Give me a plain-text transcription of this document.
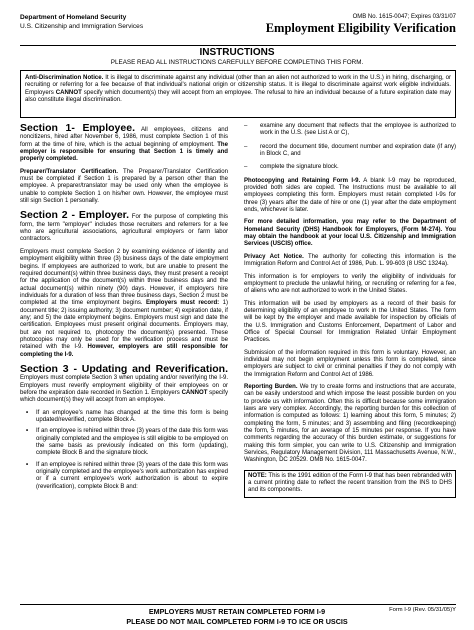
Department of Homeland Security
U.S. Citizenship and Immigration Services
OMB No. 1615-0047; Expires 03/31/07
Employment Eligibility Verification
INSTRUCTIONS
PLEASE READ ALL INSTRUCTIONS CAREFULLY BEFORE COMPLETING THIS FORM.
Anti-Discrimination Notice. It is illegal to discriminate against any individual (other than an alien not authorized to work in the U.S.) in hiring, discharging, or recruiting or referring for a fee because of that individual's national origin or citizenship status. It is illegal to discriminate against work eligible individuals. Employers CANNOT specify which document(s) they will accept from an employee. The refusal to hire an individual because of a future expiration date may also constitute illegal discrimination.

Section 1- Employee. All employees, citizens and noncitizens, hired after November 6, 1986, must complete Section 1 of this form at the time of hire, which is the actual beginning of employment. The employer is responsible for ensuring that Section 1 is timely and properly completed.

Preparer/Translator Certification. The Preparer/Translator Certification must be completed if Section 1 is prepared by a person other than the employee. A preparer/translator may be used only when the employee is unable to complete Section 1 on his/her own. However, the employee must still sign Section 1 personally.

Section 2 - Employer. For the purpose of completing this form, the term "employer" includes those recruiters and referrers for a fee who are agricultural associations, agricultural employers or farm labor contractors.

Employers must complete Section 2 by examining evidence of identity and employment eligibility within three (3) business days of the date employment begins. If employees are authorized to work, but are unable to present the required document(s) within three business days, they must present a receipt for the application of the document(s) within three business days and the actual document(s) within ninety (90) days. However, if employers hire individuals for a duration of less than three business days, Section 2 must be completed at the time employment begins. Employers must record: 1) document title; 2) issuing authority; 3) document number; 4) expiration date, if any; and 5) the date employment begins. Employers must sign and date the certification. Employees must present original documents. Employers may, but are not required to, photocopy the document(s) presented. These photocopies may only be used for the verification process and must be retained with the I-9. However, employers are still responsible for completing the I-9.

Section 3 - Updating and Reverification. Employers must complete Section 3 when updating and/or reverifying the I-9. Employers must reverify employment eligibility of their employees on or before the expiration date recorded in Section 1. Employers CANNOT specify which document(s) they will accept from an employee.

• If an employee's name has changed at the time this form is being updated/reverified, complete Block A.
• If an employee is rehired within three (3) years of the date this form was originally completed and the employee is still eligible to be employed on the same basis as previously indicated on this form (updating), complete Block B and the signature block.
• If an employee is rehired within three (3) years of the date this form was originally completed and the employee's work authorization has expired or if a current employee's work authorization is about to expire (reverification), complete Block B and:
– examine any document that reflects that the employee is authorized to work in the U.S. (see List A or C),
– record the document title, document number and expiration date (if any) in Block C, and
– complete the signature block.

Photocopying and Retaining Form I-9. A blank I-9 may be reproduced, provided both sides are copied. The Instructions must be available to all employees completing this form. Employers must retain completed I-9s for three (3) years after the date of hire or one (1) year after the date employment ends, whichever is later.

For more detailed information, you may refer to the Department of Homeland Security (DHS) Handbook for Employers, (Form M-274). You may obtain the handbook at your local U.S. Citizenship and Immigration Services (USCIS) office.

Privacy Act Notice. The authority for collecting this information is the Immigration Reform and Control Act of 1986, Pub. L. 99-603 (8 USC 1324a).

This information is for employers to verify the eligibility of individuals for employment to preclude the unlawful hiring, or recruiting or referring for a fee, of aliens who are not authorized to work in the United States.

This information will be used by employers as a record of their basis for determining eligibility of an employee to work in the United States. The form will be kept by the employer and made available for inspection by officials of the U.S. Immigration and Customs Enforcement, Department of Labor and Office of Special Counsel for Immigration Related Unfair Employment Practices.

Submission of the information required in this form is voluntary. However, an individual may not begin employment unless this form is completed, since employers are subject to civil or criminal penalties if they do not comply with the Immigration Reform and Control Act of 1986.

Reporting Burden. We try to create forms and instructions that are accurate, can be easily understood and which impose the least possible burden on you to provide us with information. Often this is difficult because some immigration laws are very complex. Accordingly, the reporting burden for this collection of information is computed as follows: 1) learning about this form, 5 minutes; 2) completing the form, 5 minutes; and 3) assembling and filing (recordkeeping) the form, 5 minutes, for an average of 15 minutes per response. If you have comments regarding the accuracy of this burden estimate, or suggestions for making this form simpler, you can write to U.S. Citizenship and Immigration Services, Regulatory Management Division, 111 Massachusetts Avenue, N.W., Washington, DC 20529. OMB No. 1615-0047.

NOTE: This is the 1991 edition of the Form I-9 that has been rebranded with a current printing date to reflect the recent transition from the INS to DHS and its components.
EMPLOYERS MUST RETAIN COMPLETED FORM I-9
PLEASE DO NOT MAIL COMPLETED FORM I-9 TO ICE OR USCIS
Form I-9 (Rev. 05/31/05)Y
